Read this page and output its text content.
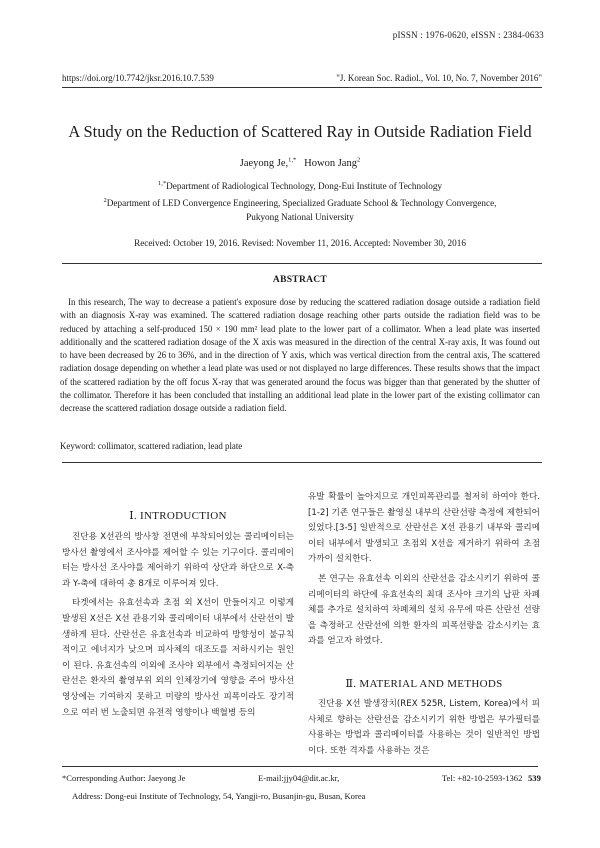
pISSN : 1976-0620, eISSN : 2384-0633
https://doi.org/10.7742/jksr.2016.10.7.539	"J. Korean Soc. Radiol., Vol. 10, No. 7, November 2016"
A Study on the Reduction of Scattered Ray in Outside Radiation Field
Jaeyong Je,$^{1,*}$ Howon Jang$^2$
$^{1,*}$Department of Radiological Technology, Dong-Eui Institute of Technology
$^2$Department of LED Convergence Engineering, Specialized Graduate School & Technology Convergence,
Pukyong National University
Received: October 19, 2016. Revised: November 11, 2016. Accepted: November 30, 2016
ABSTRACT

In this research, The way to decrease a patient's exposure dose by reducing the scattered radiation dosage outside a radiation field with an diagnosis X-ray was examined. The scattered radiation dosage reaching other parts outside the radiation field was to be reduced by attaching a self-produced 150 × 190 mm² lead plate to the lower part of a collimator. When a lead plate was inserted additionally and the scattered radiation dosage of the X axis was measured in the direction of the central X-ray axis, It was found out to have been decreased by 26 to 36%, and in the direction of Y axis, which was vertical direction from the central axis, The scattered radiation dosage depending on whether a lead plate was used or not displayed no large differences. These results shows that the impact of the scattered radiation by the off focus X-ray that was generated around the focus was bigger than that generated by the shutter of the collimator. Therefore it has been concluded that installing an additional lead plate in the lower part of the existing collimator can decrease the scattered radiation dosage outside a radiation field.

Keyword: collimator, scattered radiation, lead plate
Ⅰ. INTRODUCTION

진단용 X선관의 방사창 전면에 부착되어있는 콜리메이터는 방사선 촬영에서 조사야를 제어할 수 있는 기구이다. 콜리메이터는 방사선 조사야를 제어하기 위하여 상단과 하단으로 X-축과 Y-축에 대하여 총 8개로 이루어져 있다.

타겟에서는 유효선속과 초점 외 X선이 만들어지고 이렇게 발생된 X선은 X선 관용기와 콜리메이터 내부에서 산란선이 발생하게 된다. 산란선은 유효선속과 비교하여 방향성이 불규칙적이고 에너지가 낮으며 피사체의 대조도를 저하시키는 원인이 된다. 유효선속의 이외에 조사야 외부에서 측정되어지는 산란선은 환자의 촬영부위 외의 인체장기에 영향을 주어 방사선 영상에는 기여하지 못하고 미량의 방사선 피폭이라도 장기적으로 여러 번 노출되면 유전적 영향이나 백혈병 등의

유발 확률이 높아지므로 개인피폭관리를 철저히 하여야 한다.[1-2] 기존 연구들은 촬영실 내부의 산란선량 측정에 제한되어 있었다.[3-5] 일반적으로 산란선은 X선 관용기 내부와 콜리메이터 내부에서 발생되고 초점외 X선을 제거하기 위하여 초점 가까이 설치한다.

본 연구는 유효선속 이외의 산란선을 감소시키기 위하여 콜리메이터의 하단에 유효선속의 최대 조사야 크기의 납판 차폐체를 추가로 설치하여 차폐체의 설치 유무에 따른 산란선 선량을 측정하고 산란선에 의한 환자의 피폭선량을 감소시키는 효과를 얻고자 하였다.

Ⅱ. MATERIAL AND METHODS

진단용 X선 발생장치(REX 525R, Listem, Korea)에서 피사체로 향하는 산란선을 감소시키기 위한 방법은 부가필터를 사용하는 방법과 콜리메이터를 사용하는 것이 일반적인 방법이다. 또한 격자를 사용하는 것은

*Corresponding Author: Jaeyong Je	E-mail:jjy04@dit.ac.kr,	Tel: +82-10-2593-1362 539
Address: Dong-eui Institute of Technology, 54, Yangji-ro, Busanjin-gu, Busan, Korea
